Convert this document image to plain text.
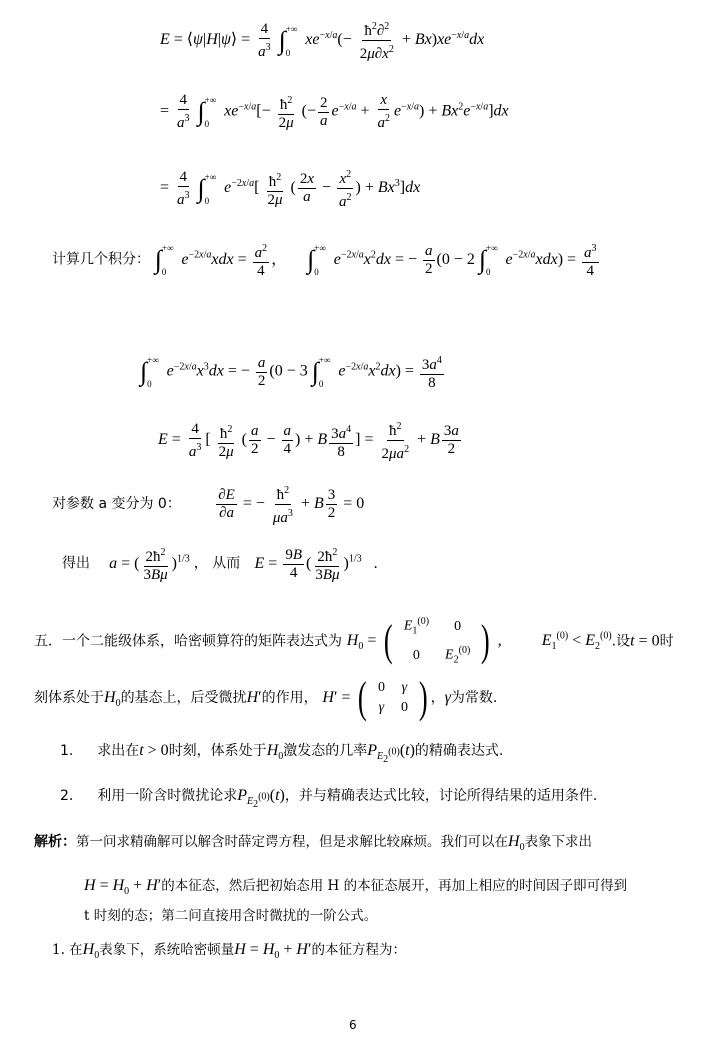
E = ⟨ψ|H|ψ⟩ = $\frac{4}{a^3}$ ∫ +∞
0
$xe^{-x/a}(- \frac{ħ^2\partial^2}{2\mu\partial x^2} + Bx)xe^{-x/a}dx$
= $\frac{4}{a^3}$ ∫ +∞
0
$xe^{-x/a}[- \frac{ħ^2}{2\mu}$ (− $\frac{2}{a} e^{-x/a} + \frac{x}{a^2} e^{-x/a}) + Bx^2e^{-x/a}]dx$
= $\frac{4}{a^3}$ ∫ +∞
0
$e^{-2x/a}[ \frac{ħ^2}{2\mu}$ ( $\frac{2x}{a} - \frac{x^2}{a^2}$ ) + $Bx^3]dx$
计算几个积分： ∫ +∞
0
$e^{-2x/a}xdx = \frac{a^2}{4}$ ，     ∫ +∞
0
$e^{-2x/a}x^2dx$ = − $\frac{a}{2} (0 - 2$ ∫ +∞
0
$e^{-2x/a}xdx) = \frac{a^3}{4}$
∫ +∞
0
$e^{-2x/a}x^3dx$ = − $\frac{a}{2} (0 - 3$ ∫ +∞
0
$e^{-2x/a}x^2dx) = \frac{3a^4}{8}$
$E = \frac{4}{a^3}$ [ $\frac{ħ^2}{2\mu}$ ( $\frac{a}{2} - \frac{a}{4}$ ) + B $\frac{3a^4}{8}$ ] = $\frac{ħ^2}{2\mu a^2} + B \frac{3a}{2}$
对参数 a 变分为 0： $\frac{\partial E}{\partial a}$ = − $\frac{ħ^2}{\mu a^3} + B \frac{3}{2} = 0$
得出 a = ( $\frac{2ħ^2}{3B\mu} )^{1/3}$ ， 从而 $E = \frac{9B}{4}$ ( $\frac{2ħ^2}{3B\mu} )^{1/3}$   .
五．一个二能级体系，哈密顿算符的矩阵表达式为 $H_0$ = ( $E_1^{(0)}$	0
0	$E_2^{(0)}$ ) ,          $E_1^{(0)} < E_2^{(0)}$.设t = 0时
刻体系处于$H_0$的基态上，后受微扰H′的作用， H′ = ( 0	γ
γ	0 ) ，γ为常数.
1. 求出在t > 0时刻，体系处于$H_0$激发态的几率$P_{E_2^{(0)}}(t)$的精确表达式.
2. 利用一阶含时微扰论求$P_{E_2^{(0)}}(t)$，并与精确表达式比较，讨论所得结果的适用条件.
解析：第一问求精确解可以解含时薛定谔方程，但是求解比较麻烦。我们可以在$H_0$表象下求出
$H = H_0 + H'$的本征态，然后把初始态用 H 的本征态展开，再加上相应的时间因子即可得到
t 时刻的态；第二问直接用含时微扰的一阶公式。
1. 在$H_0$表象下，系统哈密顿量$H = H_0 + H'$的本征方程为：
6
